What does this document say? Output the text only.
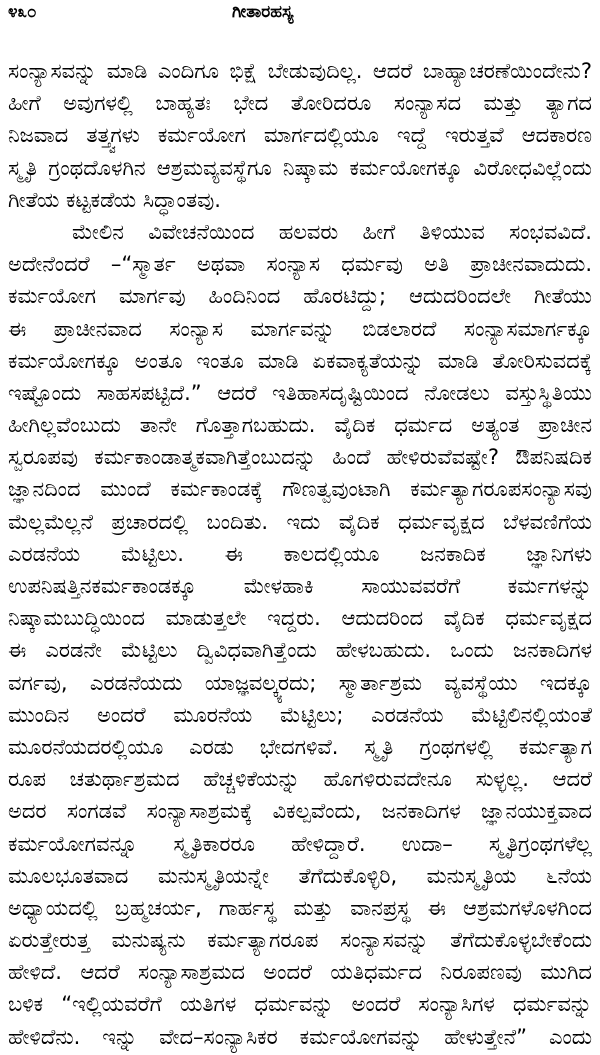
೪೩೦	ಗೀತಾರಹಸ್ಯ
ಸಂನ್ಯಾಸವನ್ನು ಮಾಡಿ ಎಂದಿಗೂ ಭಿಕ್ಷೆ ಬೇಡುವುದಿಲ್ಲ. ಆದರೆ ಬಾಹ್ಯಾಚರಣೆಯಿಂದೇನು?
ಹೀಗೆ ಅವುಗಳಲ್ಲಿ ಬಾಹ್ಯತಃ ಭೇದ ತೋರಿದರೂ ಸಂನ್ಯಾಸದ ಮತ್ತು ತ್ಯಾಗದ
ನಿಜವಾದ ತತ್ತ್ವಗಳು ಕರ್ಮಯೋಗ ಮಾರ್ಗದಲ್ಲಿಯೂ ಇದ್ದೆ ಇರುತ್ತವೆ ಆದಕಾರಣ
ಸ್ಮೃತಿ ಗ್ರಂಥದೊಳಗಿನ ಆಶ್ರಮವ್ಯವಸ್ಥೆಗೂ ನಿಷ್ಕಾಮ ಕರ್ಮಯೋಗಕ್ಕೂ ವಿರೋಧವಿಲ್ಲೆಂದು
ಗೀತೆಯ ಕಟ್ಟಕಡೆಯ ಸಿದ್ಧಾಂತವು.
ಮೇಲಿನ ವಿವೇಚನೆಯಿಂದ ಹಲವರು ಹೀಗೆ ತಿಳಿಯುವ ಸಂಭವವಿದೆ.
ಅದೇನೆಂದರೆ –“ಸ್ಮಾರ್ತ ಅಥವಾ ಸಂನ್ಯಾಸ ಧರ್ಮವು ಅತಿ ಪ್ರಾಚೀನವಾದುದು.
ಕರ್ಮಯೋಗ ಮಾರ್ಗವು ಹಿಂದಿನಿಂದ ಹೊರಟಿದ್ದು; ಆದುದರಿಂದಲೇ ಗೀತೆಯು
ಈ ಪ್ರಾಚೀನವಾದ ಸಂನ್ಯಾಸ ಮಾರ್ಗವನ್ನು ಬಿಡಲಾರದೆ ಸಂನ್ಯಾಸಮಾರ್ಗಕ್ಕೂ
ಕರ್ಮಯೋಗಕ್ಕೂ ಅಂತೂ ಇಂತೂ ಮಾಡಿ ಏಕವಾಕ್ಯತೆಯನ್ನು ಮಾಡಿ ತೋರಿಸುವದಕ್ಕೆ
ಇಷ್ಟೊಂದು ಸಾಹಸಪಟ್ಟಿದೆ.” ಆದರೆ ಇತಿಹಾಸದೃಷ್ಟಿಯಿಂದ ನೋಡಲು ವಸ್ತುಸ್ಥಿತಿಯು
ಹೀಗಿಲ್ಲವೆಂಬುದು ತಾನೇ ಗೊತ್ತಾಗಬಹುದು. ವೈದಿಕ ಧರ್ಮದ ಅತ್ಯಂತ ಪ್ರಾಚೀನ
ಸ್ವರೂಪವು ಕರ್ಮಕಾಂಡಾತ್ಮಕವಾಗಿತ್ತೆಂಬುದನ್ನು ಹಿಂದೆ ಹೇಳಿರುವೆವಷ್ಟೇ? ಔಪನಿಷದಿಕ
ಜ್ಞಾನದಿಂದ ಮುಂದೆ ಕರ್ಮಕಾಂಡಕ್ಕೆ ಗೌಣತ್ವವುಂಟಾಗಿ ಕರ್ಮತ್ಯಾಗರೂಪಸಂನ್ಯಾಸವು
ಮೆಲ್ಲಮೆಲ್ಲನೆ ಪ್ರಚಾರದಲ್ಲಿ ಬಂದಿತು. ಇದು ವೈದಿಕ ಧರ್ಮವೃಕ್ಷದ ಬೆಳವಣಿಗೆಯ
ಎರಡನೆಯ ಮೆಟ್ಟಿಲು. ಈ ಕಾಲದಲ್ಲಿಯೂ ಜನಕಾದಿಕ ಜ್ಞಾನಿಗಳು
ಉಪನಿಷತ್ತಿನಕರ್ಮಕಾಂಡಕ್ಕೂ ಮೇಳಹಾಕಿ ಸಾಯುವವರೆಗೆ ಕರ್ಮಗಳನ್ನು
ನಿಷ್ಕಾಮಬುದ್ಧಿಯಿಂದ ಮಾಡುತ್ತಲೇ ಇದ್ದರು. ಆದುದರಿಂದ ವೈದಿಕ ಧರ್ಮವೃಕ್ಷದ
ಈ ಎರಡನೇ ಮೆಟ್ಟಿಲು ದ್ವಿವಿಧವಾಗಿತ್ತೆಂದು ಹೇಳಬಹುದು. ಒಂದು ಜನಕಾದಿಗಳ
ವರ್ಗವು, ಎರಡನೆಯದು ಯಾಜ್ಞವಲ್ಕ್ಯರದು; ಸ್ಮಾರ್ತಾಶ್ರಮ ವ್ಯವಸ್ಥೆಯು ಇದಕ್ಕೂ
ಮುಂದಿನ ಅಂದರೆ ಮೂರನೆಯ ಮೆಟ್ಟಿಲು; ಎರಡನೆಯ ಮೆಟ್ಟಿಲಿನಲ್ಲಿಯಂತೆ
ಮೂರನೆಯದರಲ್ಲಿಯೂ ಎರಡು ಭೇದಗಳಿವೆ. ಸ್ಮೃತಿ ಗ್ರಂಥಗಳಲ್ಲಿ ಕರ್ಮತ್ಯಾಗ
ರೂಪ ಚತುರ್ಥಾಶ್ರಮದ ಹೆಚ್ಚಳಿಕೆಯನ್ನು ಹೊಗಳಿರುವದೇನೂ ಸುಳ್ಳಲ್ಲ. ಆದರೆ
ಅದರ ಸಂಗಡವೆ ಸಂನ್ಯಾಸಾಶ್ರಮಕ್ಕೆ ವಿಕಲ್ಪವೆಂದು, ಜನಕಾದಿಗಳ ಜ್ಞಾನಯುಕ್ತವಾದ
ಕರ್ಮಯೋಗವನ್ನೂ ಸ್ಮೃತಿಕಾರರೂ ಹೇಳಿದ್ದಾರೆ. ಉದಾ– ಸ್ಮೃತಿಗ್ರಂಥಗಳೆಲ್ಲ
ಮೂಲಭೂತವಾದ ಮನುಸ್ಮೃತಿಯನ್ನೇ ತೆಗೆದುಕೊಳ್ಳಿರಿ, ಮನುಸ್ಮೃತಿಯ ೬ನೆಯ
ಅಧ್ಯಾಯದಲ್ಲಿ ಬ್ರಹ್ಮಚರ್ಯ, ಗಾರ್ಹಸ್ಥ ಮತ್ತು ವಾನಪ್ರಸ್ಥ ಈ ಆಶ್ರಮಗಳೊಳಗಿಂದ
ಏರುತ್ತೇರುತ್ತ ಮನುಷ್ಯನು ಕರ್ಮತ್ಯಾಗರೂಪ ಸಂನ್ಯಾಸವನ್ನು ತೆಗೆದುಕೊಳ್ಳಬೇಕೆಂದು
ಹೇಳಿದೆ. ಆದರೆ ಸಂನ್ಯಾಸಾಶ್ರಮದ ಅಂದರೆ ಯತಿಧರ್ಮದ ನಿರೂಪಣವು ಮುಗಿದ
ಬಳಿಕ “ಇಲ್ಲಿಯವರೆಗೆ ಯತಿಗಳ ಧರ್ಮವನ್ನು ಅಂದರೆ ಸಂನ್ಯಾಸಿಗಳ ಧರ್ಮವನ್ನು
ಹೇಳಿದೆನು. ಇನ್ನು ವೇದ–ಸಂನ್ಯಾಸಿಕರ ಕರ್ಮಯೋಗವನ್ನು ಹೇಳುತ್ತೇನೆ” ಎಂದು
